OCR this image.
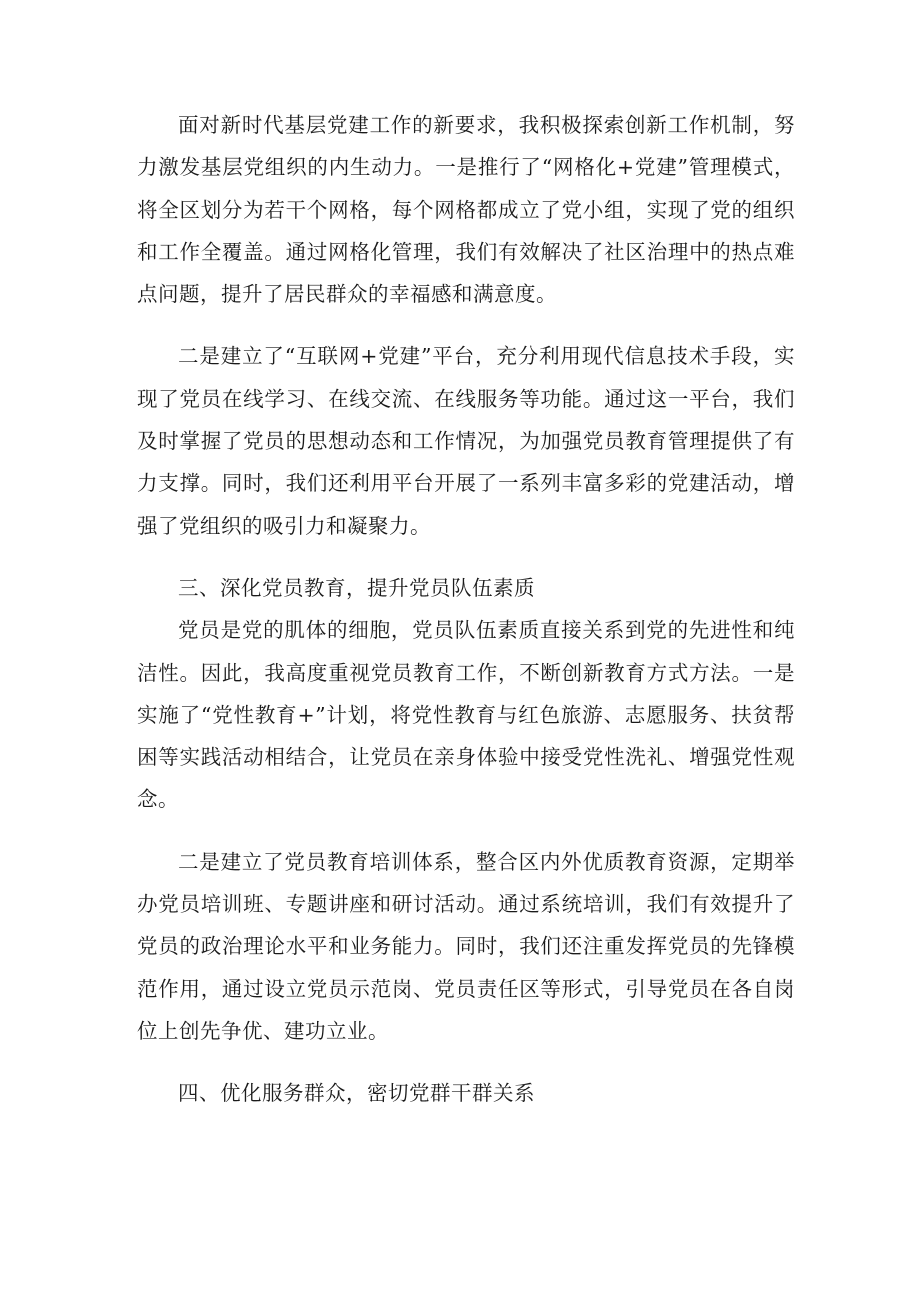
面对新时代基层党建工作的新要求，我积极探索创新工作机制，努力激发基层党组织的内生动力。一是推行了“网格化+党建”管理模式，将全区划分为若干个网格，每个网格都成立了党小组，实现了党的组织和工作全覆盖。通过网格化管理，我们有效解决了社区治理中的热点难点问题，提升了居民群众的幸福感和满意度。

二是建立了“互联网+党建”平台，充分利用现代信息技术手段，实现了党员在线学习、在线交流、在线服务等功能。通过这一平台，我们及时掌握了党员的思想动态和工作情况，为加强党员教育管理提供了有力支撑。同时，我们还利用平台开展了一系列丰富多彩的党建活动，增强了党组织的吸引力和凝聚力。

三、深化党员教育，提升党员队伍素质

党员是党的肌体的细胞，党员队伍素质直接关系到党的先进性和纯洁性。因此，我高度重视党员教育工作，不断创新教育方式方法。一是实施了“党性教育+”计划，将党性教育与红色旅游、志愿服务、扶贫帮困等实践活动相结合，让党员在亲身体验中接受党性洗礼、增强党性观念。

二是建立了党员教育培训体系，整合区内外优质教育资源，定期举办党员培训班、专题讲座和研讨活动。通过系统培训，我们有效提升了党员的政治理论水平和业务能力。同时，我们还注重发挥党员的先锋模范作用，通过设立党员示范岗、党员责任区等形式，引导党员在各自岗位上创先争优、建功立业。

四、优化服务群众，密切党群干群关系
